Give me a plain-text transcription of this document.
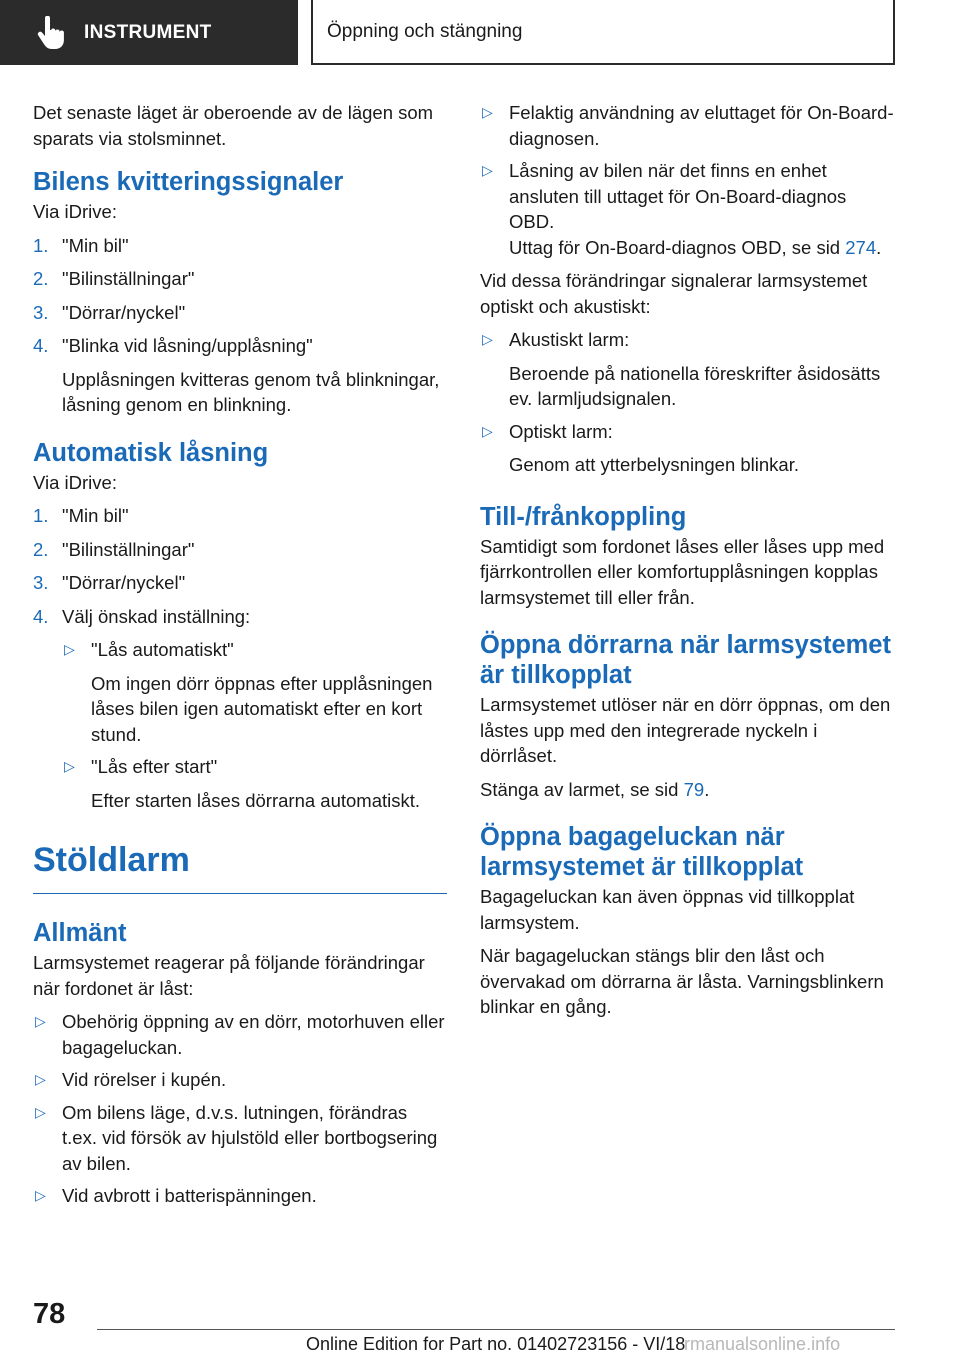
INSTRUMENT	Öppning och stängning

Det senaste läget är oberoende av de lägen som sparats via stolsminnet.

Bilens kvitteringssignaler

Via iDrive:

1. "Min bil"
2. "Bilinställningar"
3. "Dörrar/nyckel"
4. "Blinka vid låsning/upplåsning"
Upplåsningen kvitteras genom två blinkningar, låsning genom en blinkning.
Automatisk låsning

Via iDrive:

1. "Min bil"
2. "Bilinställningar"
3. "Dörrar/nyckel"
4. Välj önskad inställning:
▷ "Lås automatiskt"
Om ingen dörr öppnas efter upplåsningen låses bilen igen automatiskt efter en kort stund.
▷ "Lås efter start"
Efter starten låses dörrarna automatiskt.
Stöldlarm
Allmänt

Larmsystemet reagerar på följande förändringar när fordonet är låst:

▷ Obehörig öppning av en dörr, motorhuven eller bagageluckan.
▷ Vid rörelser i kupén.
▷ Om bilens läge, d.v.s. lutningen, förändras t.ex. vid försök av hjulstöld eller bortbogsering av bilen.
▷ Vid avbrott i batterispänningen.
▷ Felaktig användning av eluttaget för On-Board-diagnosen.
▷ Låsning av bilen när det finns en enhet ansluten till uttaget för On-Board-diagnos OBD.
Uttag för On-Board-diagnos OBD, se sid 274.

Vid dessa förändringar signalerar larmsystemet optiskt och akustiskt:

▷ Akustiskt larm:
Beroende på nationella föreskrifter åsidosätts ev. larmljudsignalen.
▷ Optiskt larm:
Genom att ytterbelysningen blinkar.
Till-/frånkoppling

Samtidigt som fordonet låses eller låses upp med fjärrkontrollen eller komfortupplåsningen kopplas larmsystemet till eller från.

Öppna dörrarna när larmsystemet är tillkopplat

Larmsystemet utlöser när en dörr öppnas, om den låstes upp med den integrerade nyckeln i dörrlåset.

Stänga av larmet, se sid 79.

Öppna bagageluckan när larmsystemet är tillkopplat

Bagageluckan kan även öppnas vid tillkopplat larmsystem.

När bagageluckan stängs blir den låst och övervakad om dörrarna är låsta. Varningsblinkern blinkar en gång.

78
Online Edition for Part no. 01402723156 - VI/18
rmanualsonline.info
